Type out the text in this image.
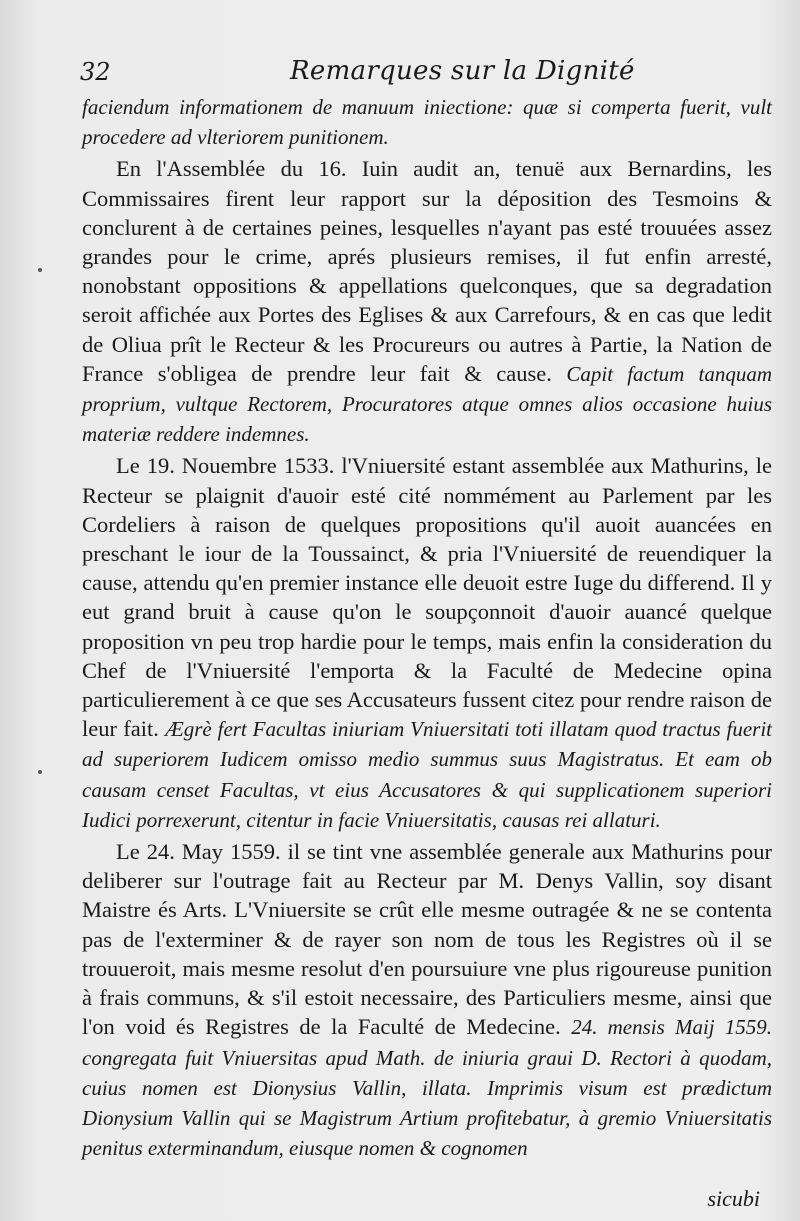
32	Remarques sur la Dignité

faciendum informationem de manuum iniectione: quæ si comperta fuerit, vult procedere ad vlteriorem punitionem.

En l'Assemblée du 16. Iuin audit an, tenuë aux Bernardins, les Commissaires firent leur rapport sur la déposition des Tesmoins & conclurent à de certaines peines, lesquelles n'ayant pas esté trouuées assez grandes pour le crime, aprés plusieurs remises, il fut enfin arresté, nonobstant oppositions & appellations quelconques, que sa degradation seroit affichée aux Portes des Eglises & aux Carrefours, & en cas que ledit de Oliua prît le Recteur & les Procureurs ou autres à Partie, la Nation de France s'obligea de prendre leur fait & cause. Capit factum tanquam proprium, vultque Rectorem, Procuratores atque omnes alios occasione huius materiæ reddere indemnes.

Le 19. Nouembre 1533. l'Vniuersité estant assemblée aux Mathurins, le Recteur se plaignit d'auoir esté cité nommément au Parlement par les Cordeliers à raison de quelques propositions qu'il auoit auancées en preschant le iour de la Toussainct, & pria l'Vniuersité de reuendiquer la cause, attendu qu'en premier instance elle deuoit estre Iuge du differend. Il y eut grand bruit à cause qu'on le soupçonnoit d'auoir auancé quelque proposition vn peu trop hardie pour le temps, mais enfin la consideration du Chef de l'Vniuersité l'emporta & la Faculté de Medecine opina particulierement à ce que ses Accusateurs fussent citez pour rendre raison de leur fait. Ægrè fert Facultas iniuriam Vniuersitati toti illatam quod tractus fuerit ad superiorem Iudicem omisso medio summus suus Magistratus. Et eam ob causam censet Facultas, vt eius Accusatores & qui supplicationem superiori Iudici porrexerunt, citentur in facie Vniuersitatis, causas rei allaturi.

Le 24. May 1559. il se tint vne assemblée generale aux Mathurins pour deliberer sur l'outrage fait au Recteur par M. Denys Vallin, soy disant Maistre és Arts. L'Vniuersite se crût elle mesme outragée & ne se contenta pas de l'exterminer & de rayer son nom de tous les Registres où il se trouueroit, mais mesme resolut d'en poursuiure vne plus rigoureuse punition à frais communs, & s'il estoit necessaire, des Particuliers mesme, ainsi que l'on void és Registres de la Faculté de Medecine. 24. mensis Maij 1559. congregata fuit Vniuersitas apud Math. de iniuria graui D. Rectori à quodam, cuius nomen est Dionysius Vallin, illata. Imprimis visum est prædictum Dionysium Vallin qui se Magistrum Artium profitebatur, à gremio Vniuersitatis penitus exterminandum, eiusque nomen & cognomen

sicubi
